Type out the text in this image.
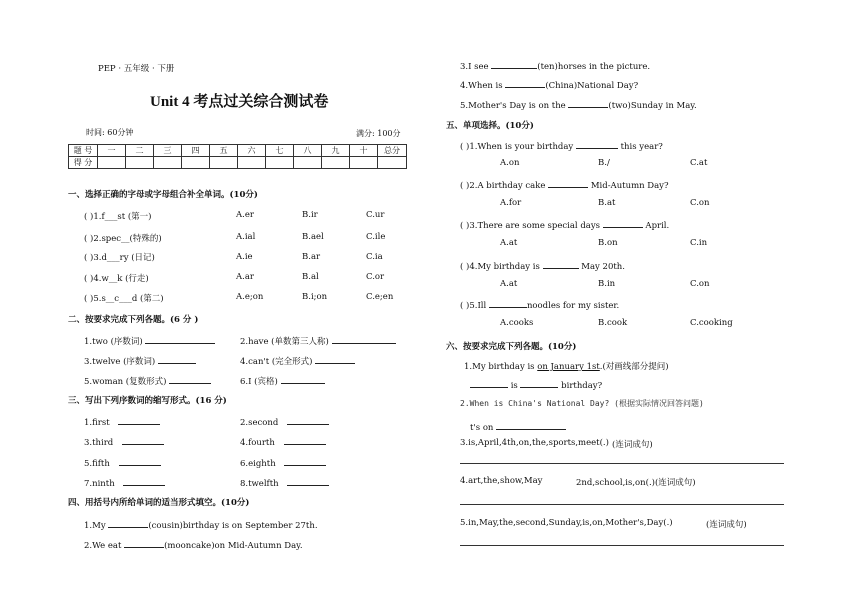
PEP · 五年级 · 下册
Unit 4 考点过关综合测试卷
时间: 60分钟	满分: 100分
题 号	一	二	三	四	五	六	七	八	九	十	总分
得 分											
一、选择正确的字母或字母组合补全单词。(10分)
( )1.f___st (第一)	A.er	B.ir	C.ur
( )2.spec__(特殊的)	A.ial	B.ael	C.ile
( )3.d___ry (日记)	A.ie	B.ar	C.ia
( )4.w__k (行走)	A.ar	B.al	C.or
( )5.s__c___d (第二)	A.e;on	B.i;on	C.e;en
二、按要求完成下列各题。(6 分 )
1.two (序数词)	2.have (单数第三人称)
3.twelve (序数词)	4.can't (完全形式)
5.woman (复数形式)	6.I (宾格)
三、写出下列序数词的缩写形式。(16 分)
1.first	2.second
3.third	4.fourth
5.fifth	6.eighth
7.ninth	8.twelfth
四、用括号内所给单词的适当形式填空。(10分)
1.My	(cousin)birthday is on September 27th.
2.We eat	(mooncake)on Mid-Autumn Day.
3.I see	(ten)horses in the picture.
4.When is	(China)National Day?
5.Mother's Day is on the	(two)Sunday in May.
五、单项选择。(10分)
( )1.When is your birthday	this year?
A.on	B./	C.at
( )2.A birthday cake	Mid-Autumn Day?
A.for	B.at	C.on
( )3.There are some special days	April.
A.at	B.on	C.in
( )4.My birthday is	May 20th.
A.at	B.in	C.on
( )5.Ill	noodles for my sister.
A.cooks	B.cook	C.cooking
六、按要求完成下列各题。(10分)
1.My birthday is on January 1st.(对画线部分提问)
is	birthday?
2.When is China's National Day? (根据实际情况回答问题)
t's on
3.is,April,4th,on,the,sports,meet(.) (连词成句)
4.art,the,show,May	2nd,school,is,on(.)(连词成句)
5.in,May,the,second,Sunday,is,on,Mother's,Day(.)	(连词成句)
